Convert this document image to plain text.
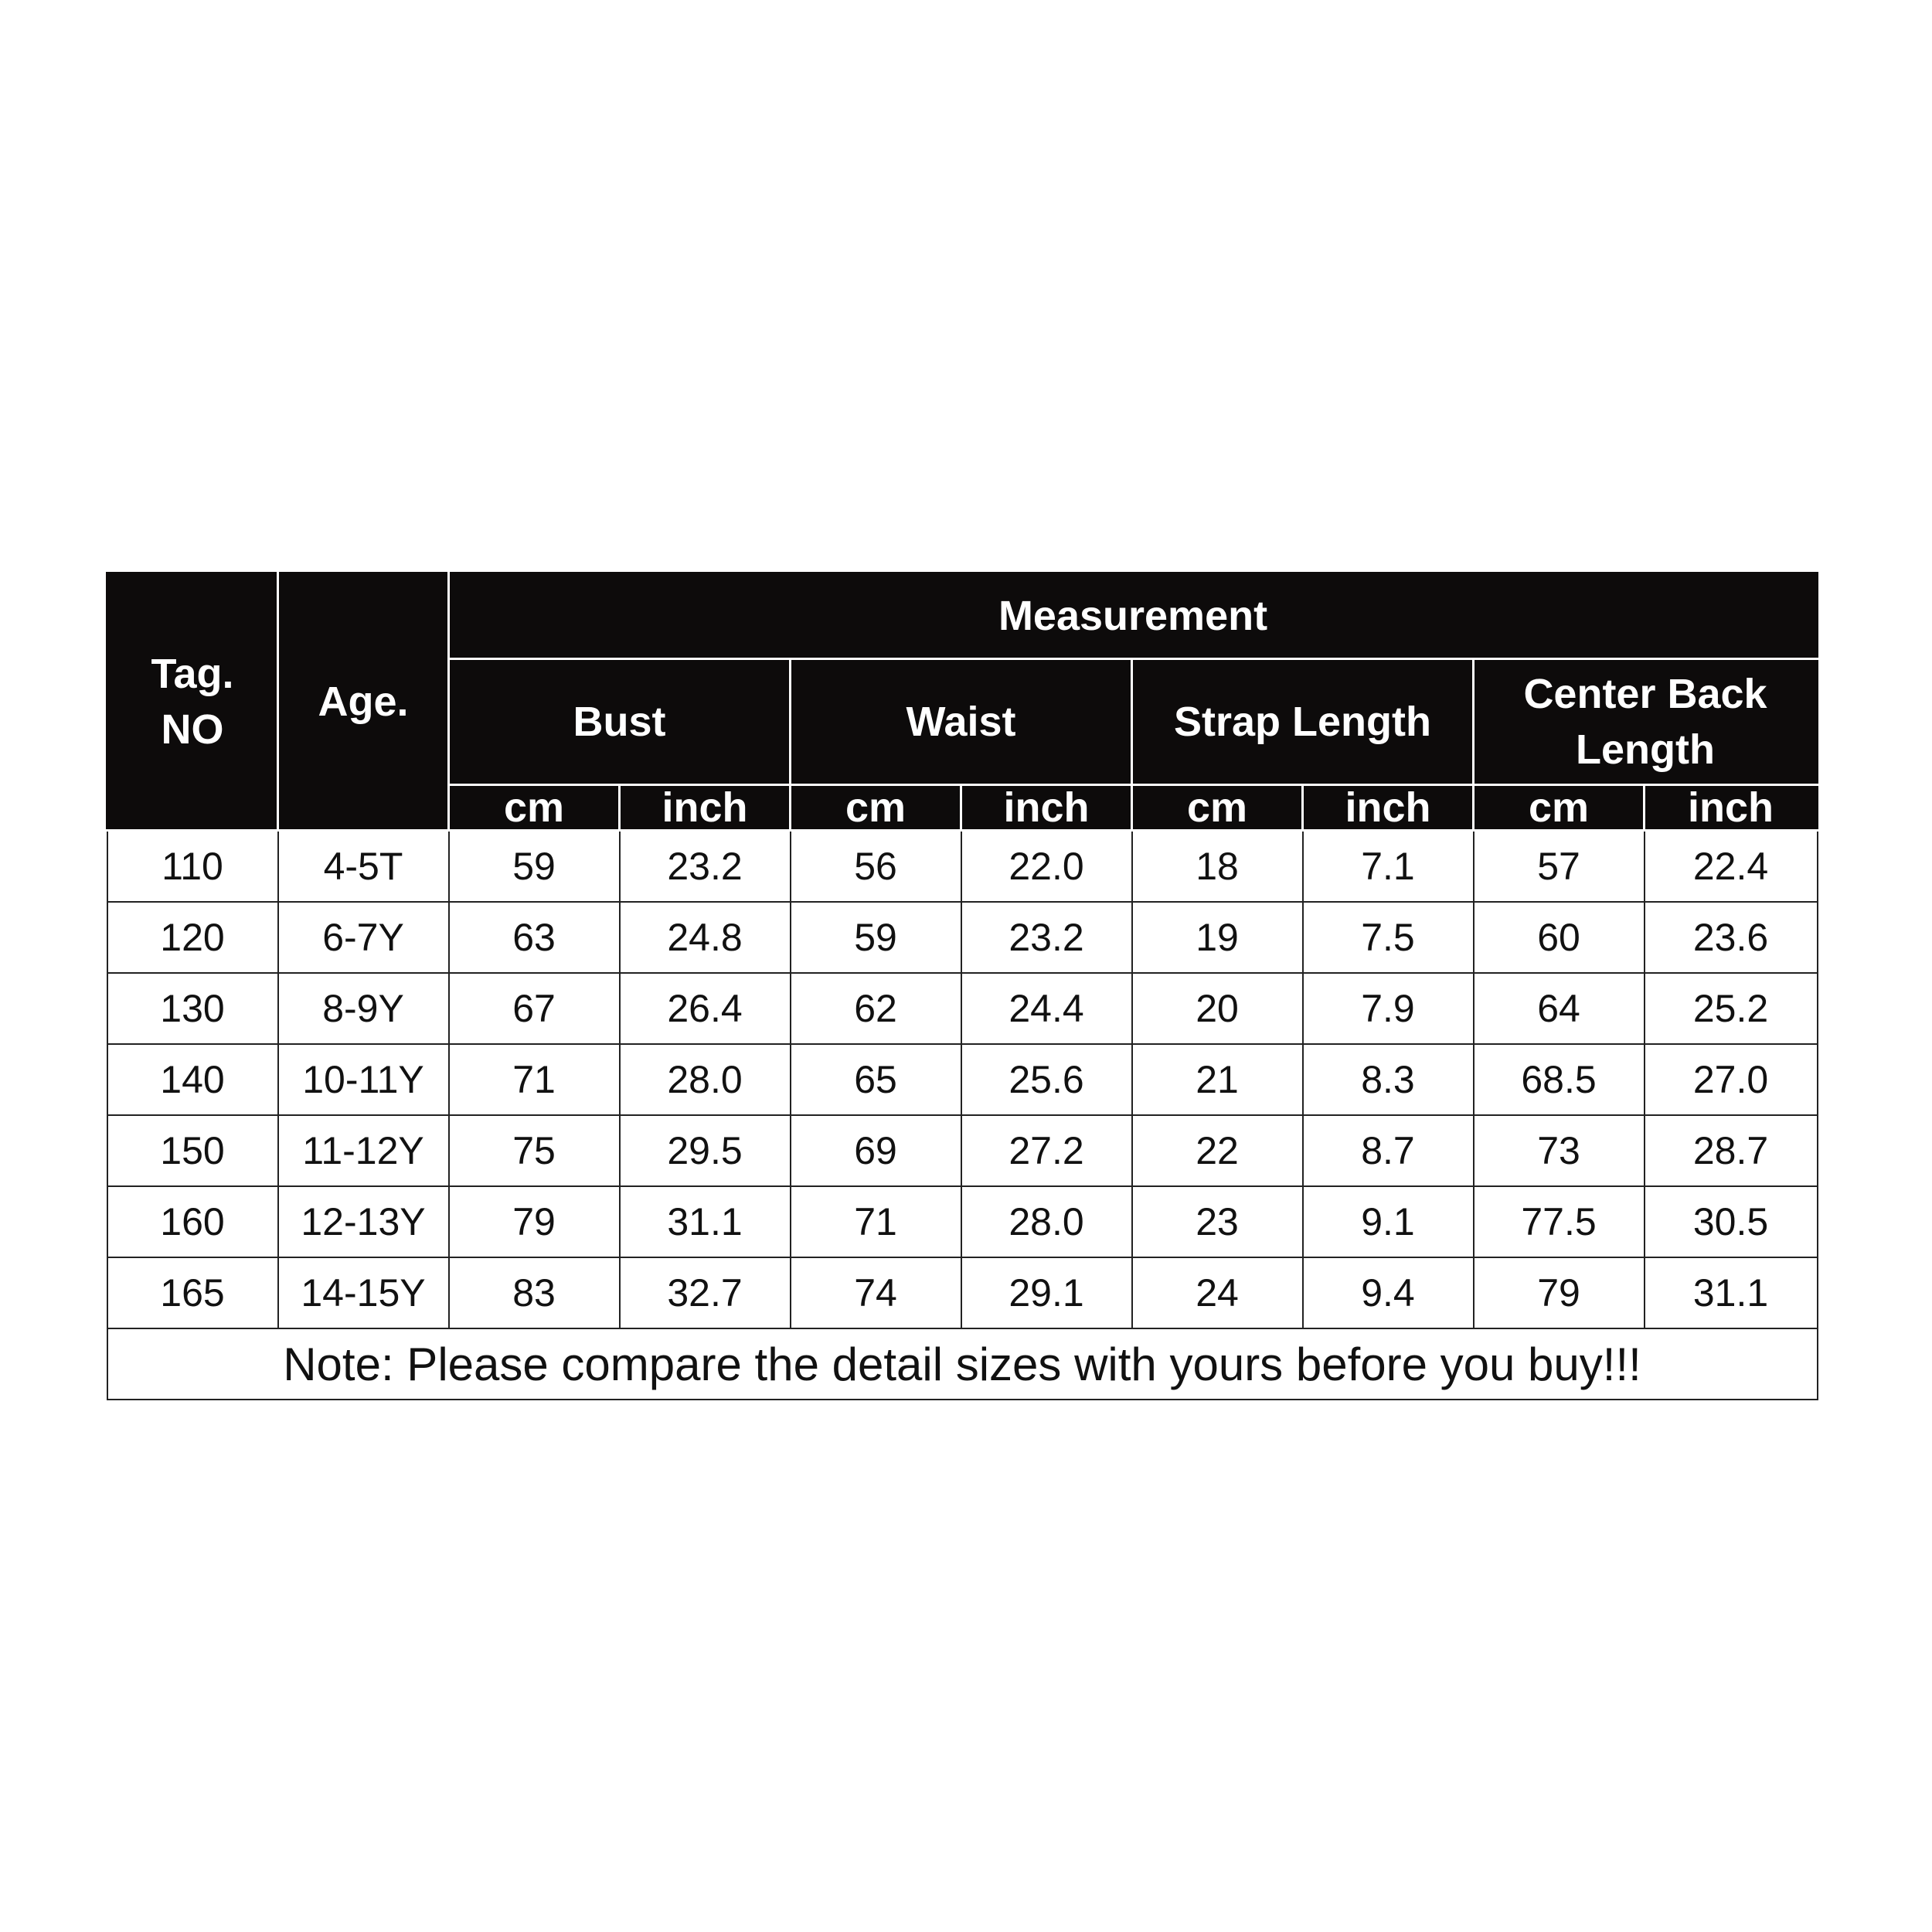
Tag.
NO	Age.	Measurement							
		Bust		Waist		Strap Length		Center Back
Length	
		cm	inch	cm	inch	cm	inch	cm	inch
110	4-5T	59	23.2	56	22.0	18	7.1	57	22.4
120	6-7Y	63	24.8	59	23.2	19	7.5	60	23.6
130	8-9Y	67	26.4	62	24.4	20	7.9	64	25.2
140	10-11Y	71	28.0	65	25.6	21	8.3	68.5	27.0
150	11-12Y	75	29.5	69	27.2	22	8.7	73	28.7
160	12-13Y	79	31.1	71	28.0	23	9.1	77.5	30.5
165	14-15Y	83	32.7	74	29.1	24	9.4	79	31.1
Note: Please compare the detail sizes with yours before you buy!!!									
